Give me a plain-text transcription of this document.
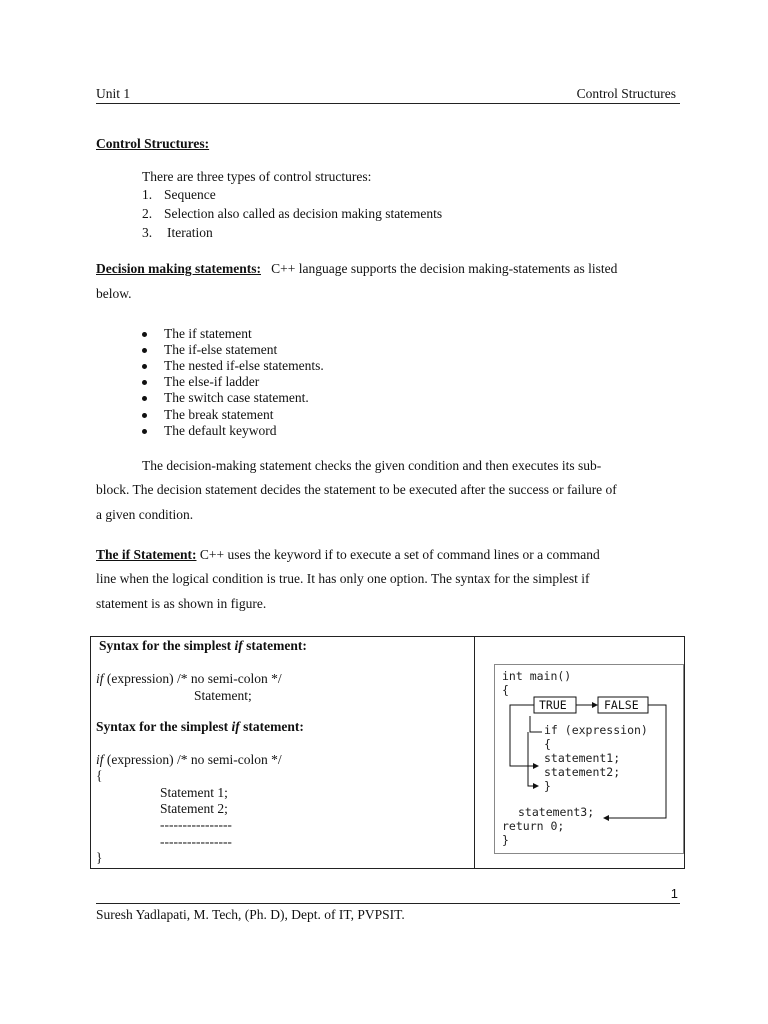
Unit 1	Control Structures
Control Structures:
There are three types of control structures:
1. Sequence
2. Selection also called as decision making statements
3. Iteration
Decision making statements: C++ language supports the decision making-statements as listed
below.
The if statement
The if-else statement
The nested if-else statements.
The else-if ladder
The switch case statement.
The break statement
The default keyword
The decision-making statement checks the given condition and then executes its sub-
block. The decision statement decides the statement to be executed after the success or failure of
a given condition.
The if Statement: C++ uses the keyword if to execute a set of command lines or a command
line when the logical condition is true. It has only one option. The syntax for the simplest if
statement is as shown in figure.
Syntax for the simplest if statement:
if (expression) /* no semi-colon */
Statement;
Syntax for the simplest if statement:
if (expression) /* no semi-colon */
{
Statement 1;
Statement 2;
----------------
----------------
}
int main()
{
TRUE	FALSE
if (expression)
{
statement1;
statement2;
}
statement3;
return 0;
}
1
Suresh Yadlapati, M. Tech, (Ph. D), Dept. of IT, PVPSIT.
